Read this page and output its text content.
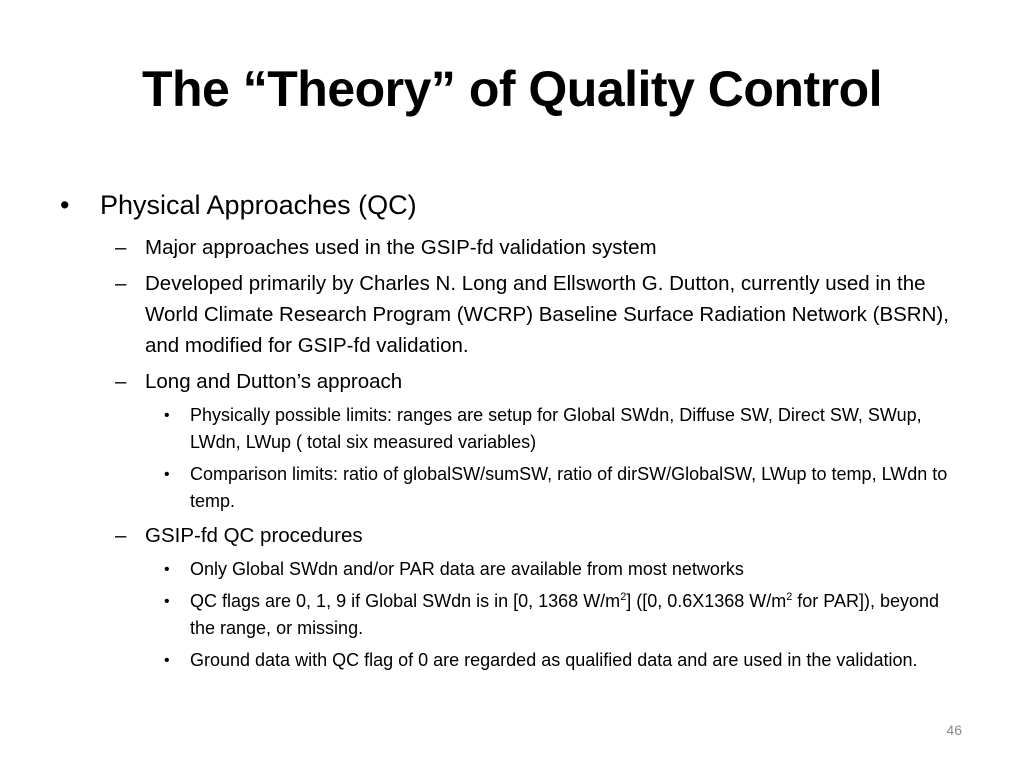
The “Theory” of Quality Control
• Physical Approaches (QC)
– Major approaches used in the GSIP-fd validation system
– Developed primarily by Charles N. Long and Ellsworth G. Dutton, currently used in the World Climate Research Program (WCRP) Baseline Surface Radiation Network (BSRN), and modified for GSIP-fd validation.
– Long and Dutton’s approach
• Physically possible limits: ranges are setup for Global SWdn, Diffuse SW, Direct SW, SWup, LWdn, LWup ( total six measured variables)
• Comparison limits: ratio of globalSW/sumSW, ratio of dirSW/GlobalSW, LWup to temp, LWdn to temp.
– GSIP-fd QC procedures
• Only Global SWdn and/or PAR data are available from most networks
• QC flags are 0, 1, 9 if Global SWdn is in [0, 1368 $W/m^2$] ([0, 0.6X1368 $W/m^2$ for PAR]), beyond the range, or missing.
• Ground data with QC flag of 0 are regarded as qualified data and are used in the validation.
46
